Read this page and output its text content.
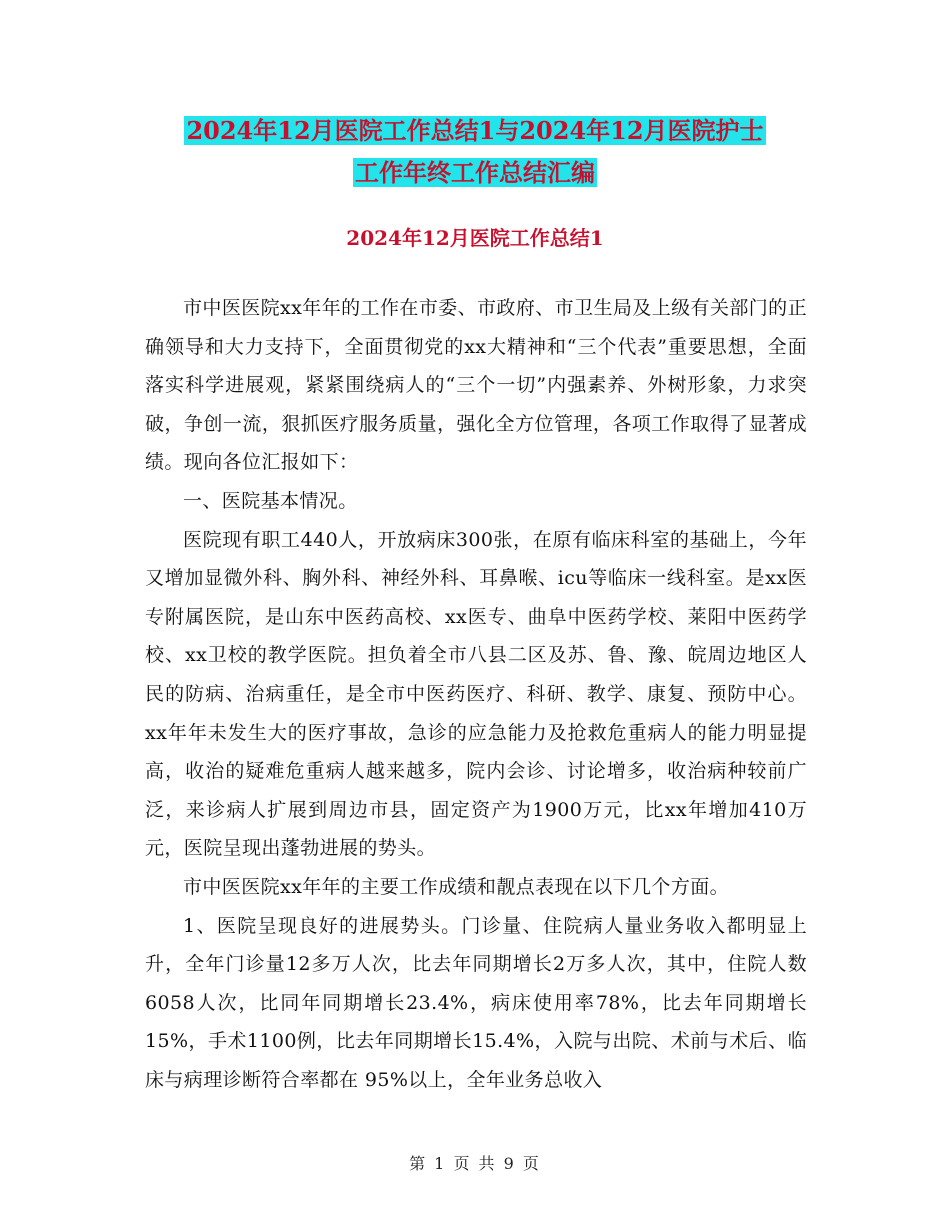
2024年12月医院工作总结1与2024年12月医院护士
工作年终工作总结汇编
2024年12月医院工作总结1

市中医医院xx年年的工作在市委、市政府、市卫生局及上级有关部门的正确领导和大力支持下，全面贯彻党的xx大精神和“三个代表”重要思想，全面落实科学进展观，紧紧围绕病人的“三个一切”内强素养、外树形象，力求突破，争创一流，狠抓医疗服务质量，强化全方位管理，各项工作取得了显著成绩。现向各位汇报如下：

一、医院基本情况。

医院现有职工440人，开放病床300张，在原有临床科室的基础上，今年又增加显微外科、胸外科、神经外科、耳鼻喉、icu等临床一线科室。是xx医专附属医院，是山东中医药高校、xx医专、曲阜中医药学校、莱阳中医药学校、xx卫校的教学医院。担负着全市八县二区及苏、鲁、豫、皖周边地区人民的防病、治病重任，是全市中医药医疗、科研、教学、康复、预防中心。xx年年未发生大的医疗事故，急诊的应急能力及抢救危重病人的能力明显提高，收治的疑难危重病人越来越多，院内会诊、讨论增多，收治病种较前广泛，来诊病人扩展到周边市县，固定资产为1900万元，比xx年增加410万元，医院呈现出蓬勃进展的势头。

市中医医院xx年年的主要工作成绩和靓点表现在以下几个方面。

1、医院呈现良好的进展势头。门诊量、住院病人量业务收入都明显上升，全年门诊量12多万人次，比去年同期增长2万多人次，其中，住院人数6058人次，比同年同期增长23.4%，病床使用率78%，比去年同期增长15%，手术1100例，比去年同期增长15.4%，入院与出院、术前与术后、临床与病理诊断符合率都在 95%以上，全年业务总收入

第 1 页 共 9 页
